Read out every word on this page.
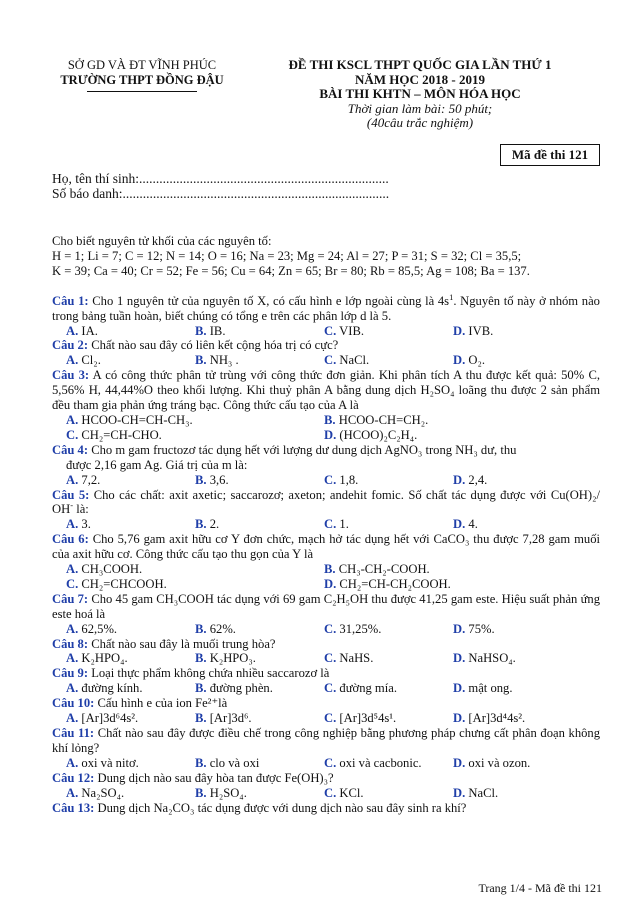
SỞ GD VÀ ĐT VĨNH PHÚC
TRƯỜNG THPT ĐỒNG ĐẬU
ĐỀ THI KSCL THPT QUỐC GIA LẦN THỨ 1
NĂM HỌC 2018 - 2019
BÀI THI KHTN – MÔN HÓA HỌC
Thời gian làm bài: 50 phút;
(40câu trắc nghiệm)
Mã đề thi 121
Họ, tên thí sinh:..........................................................................
Số báo danh:...............................................................................

Cho biết nguyên tử khối của các nguyên tố:

H = 1; Li = 7; C = 12; N = 14; O = 16; Na = 23; Mg = 24; Al = 27; P = 31; S = 32; Cl = 35,5;

K = 39; Ca = 40; Cr = 52; Fe = 56; Cu = 64; Zn = 65; Br = 80; Rb = 85,5; Ag = 108; Ba = 137.

Câu 1: Cho 1 nguyên tử của nguyên tố X, có cấu hình e lớp ngoài cùng là $4s^1$. Nguyên tố này ở nhóm nào trong bảng tuần hoàn, biết chúng có tổng e trên các phân lớp d là 5.

A. IA.	B. IB.	C. VIB.	D. IVB.

Câu 2: Chất nào sau đây có liên kết cộng hóa trị có cực?

A. Cl₂.	B. NH₃ .	C. NaCl.	D. O₂.

Câu 3: A có công thức phân tử trùng với công thức đơn giản. Khi phân tích A thu được kết quả: 50% C, 5,56% H, 44,44%O theo khối lượng. Khi thuỷ phân A bằng dung dịch H₂SO₄ loãng thu được 2 sản phẩm đều tham gia phản ứng tráng bạc. Công thức cấu tạo của A là

A. HCOO-CH=CH-CH₃.	B. HCOO-CH=CH₂.
C. CH₂=CH-CHO.	D. (HCOO)₂C₂H₄.

Câu 4: Cho m gam fructozơ tác dụng hết với lượng dư dung dịch AgNO₃ trong NH₃ dư, thu

được 2,16 gam Ag. Giá trị của m là:

A. 7,2.	B. 3,6.	C. 1,8.	D. 2,4.

Câu 5: Cho các chất: axit axetic; saccarozơ; axeton; andehit fomic. Số chất tác dụng được với Cu(OH)₂/ OH- là:

A. 3.	B. 2.	C. 1.	D. 4.

Câu 6: Cho 5,76 gam axit hữu cơ Y đơn chức, mạch hở tác dụng hết với CaCO₃ thu được 7,28 gam muối của axit hữu cơ. Công thức cấu tạo thu gọn của Y là

A. CH₃COOH.	B. CH₃-CH₂-COOH.
C. CH₂=CHCOOH.	D. CH₂=CH-CH₂COOH.

Câu 7: Cho 45 gam CH₃COOH tác dụng với 69 gam C₂H₅OH thu được 41,25 gam este. Hiệu suất phản ứng este hoá là

A. 62,5%.	B. 62%.	C. 31,25%.	D. 75%.

Câu 8: Chất nào sau đây là muối trung hòa?

A. K₂HPO₄.	B. K₂HPO₃.	C. NaHS.	D. NaHSO₄.

Câu 9: Loại thực phẩm không chứa nhiều saccarozơ là

A. đường kính.	B. đường phèn.	C. đường mía.	D. mật ong.

Câu 10: Cấu hình e của ion Fe²⁺là

A. [Ar]3d⁶4s².	B. [Ar]3d⁶.	C. [Ar]3d⁵4s¹.	D. [Ar]3d⁴4s².

Câu 11: Chất nào sau đây được điều chế trong công nghiệp bằng phương pháp chưng cất phân đoạn không khí lỏng?

A. oxi và nitơ.	B. clo và oxi	C. oxi và cacbonic.	D. oxi và ozon.

Câu 12: Dung dịch nào sau đây hòa tan được Fe(OH)₃?

A. Na₂SO₄.	B. H₂SO₄.	C. KCl.	D. NaCl.

Câu 13: Dung dịch Na₂CO₃ tác dụng được với dung dịch nào sau đây sinh ra khí?

Trang 1/4 - Mã đề thi 121
